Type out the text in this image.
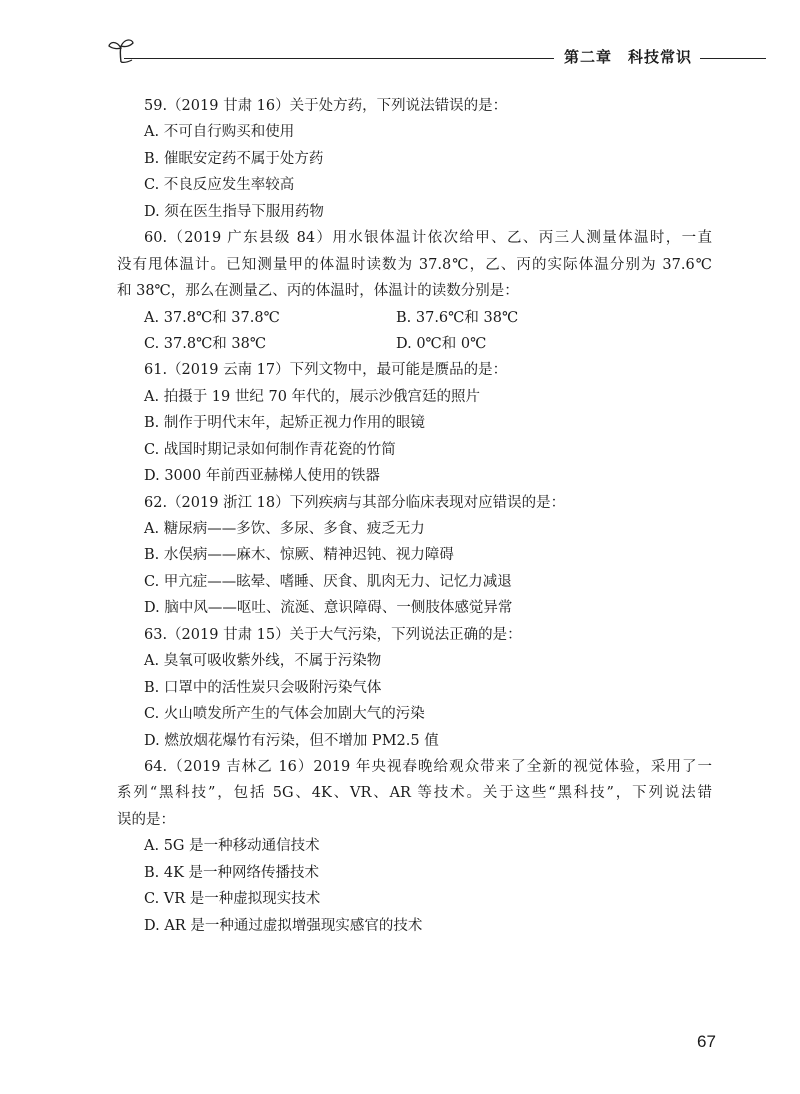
第二章 科技常识
59.（2019 甘肃 16）关于处方药，下列说法错误的是：
A. 不可自行购买和使用
B. 催眠安定药不属于处方药
C. 不良反应发生率较高
D. 须在医生指导下服用药物
60.（2019 广东县级 84）用水银体温计依次给甲、乙、丙三人测量体温时，一直
没有甩体温计。已知测量甲的体温时读数为 37.8℃，乙、丙的实际体温分别为 37.6℃
和 38℃，那么在测量乙、丙的体温时，体温计的读数分别是：
A. 37.8℃和 37.8℃	B. 37.6℃和 38℃
C. 37.8℃和 38℃	D. 0℃和 0℃
61.（2019 云南 17）下列文物中，最可能是赝品的是：
A. 拍摄于 19 世纪 70 年代的，展示沙俄宫廷的照片
B. 制作于明代末年，起矫正视力作用的眼镜
C. 战国时期记录如何制作青花瓷的竹简
D. 3000 年前西亚赫梯人使用的铁器
62.（2019 浙江 18）下列疾病与其部分临床表现对应错误的是：
A. 糖尿病——多饮、多尿、多食、疲乏无力
B. 水俣病——麻木、惊厥、精神迟钝、视力障碍
C. 甲亢症——眩晕、嗜睡、厌食、肌肉无力、记忆力减退
D. 脑中风——呕吐、流涎、意识障碍、一侧肢体感觉异常
63.（2019 甘肃 15）关于大气污染，下列说法正确的是：
A. 臭氧可吸收紫外线，不属于污染物
B. 口罩中的活性炭只会吸附污染气体
C. 火山喷发所产生的气体会加剧大气的污染
D. 燃放烟花爆竹有污染，但不增加 PM2.5 值
64.（2019 吉林乙 16）2019 年央视春晚给观众带来了全新的视觉体验，采用了一
系列“黑科技”，包括 5G、4K、VR、AR 等技术。关于这些“黑科技”，下列说法错
误的是：
A. 5G 是一种移动通信技术
B. 4K 是一种网络传播技术
C. VR 是一种虚拟现实技术
D. AR 是一种通过虚拟增强现实感官的技术
67
